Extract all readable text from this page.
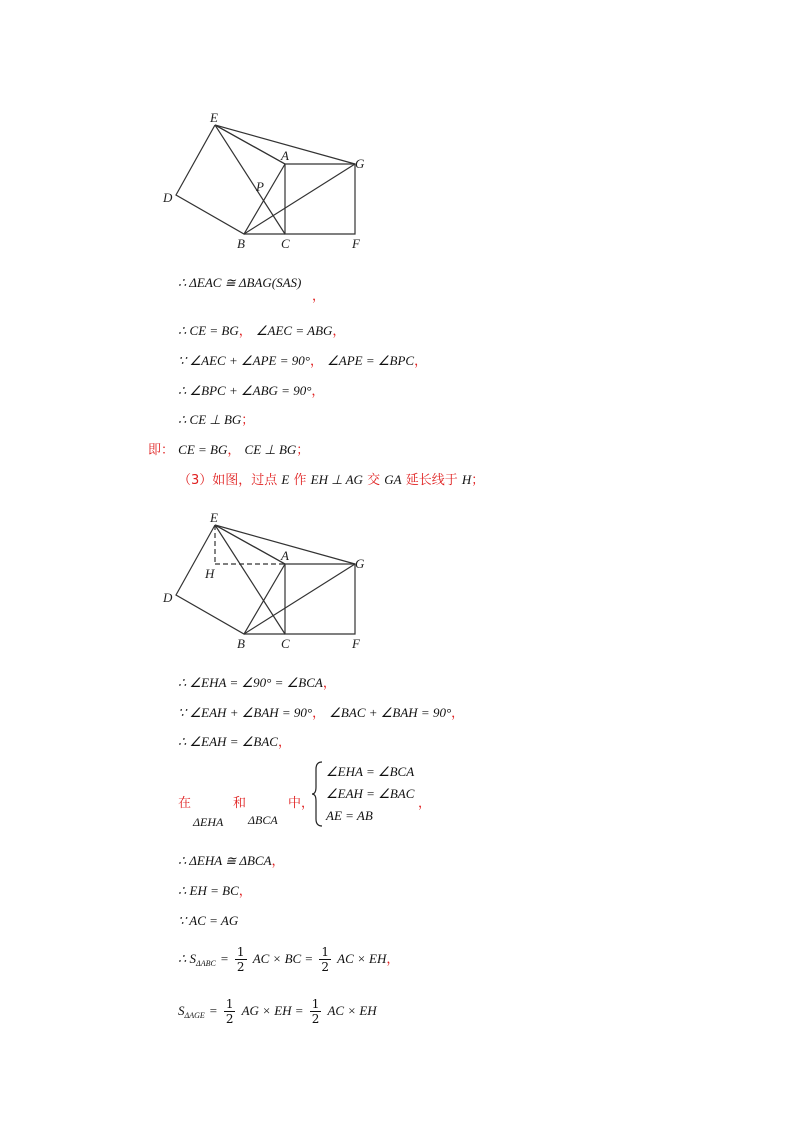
E
A
G
P
D
B	C	F
∴ ΔEAC ≅ ΔBAG(SAS)
，
∴ CE = BG， ∠AEC = ABG，
∵ ∠AEC + ∠APE = 90°， ∠APE = ∠BPC，
∴ ∠BPC + ∠ABG = 90°，
∴ CE ⊥ BG；
即： CE = BG， CE ⊥ BG；
（3）如图，过点 E 作 EH ⊥ AG 交 GA 延长线于 H；
E
A
G
H
D
B	C	F
∴ ∠EHA = ∠90° = ∠BCA，
∵ ∠EAH + ∠BAH = 90°， ∠BAC + ∠BAH = 90°，
∴ ∠EAH = ∠BAC，
在	和	中，
ΔEHA ΔBCA
∠EHA = ∠BCA
∠EAH = ∠BAC
AE = AB
，
∴ ΔEHA ≅ ΔBCA，
∴ EH = BC，
∵ AC = AG
∴ $S_{\Delta ABC} = \frac{1}{2}$ AC × BC = $\frac{1}{2}$ AC × EH，
$S_{\Delta AGE} = \frac{1}{2}$ AG × EH = $\frac{1}{2}$ AC × EH
